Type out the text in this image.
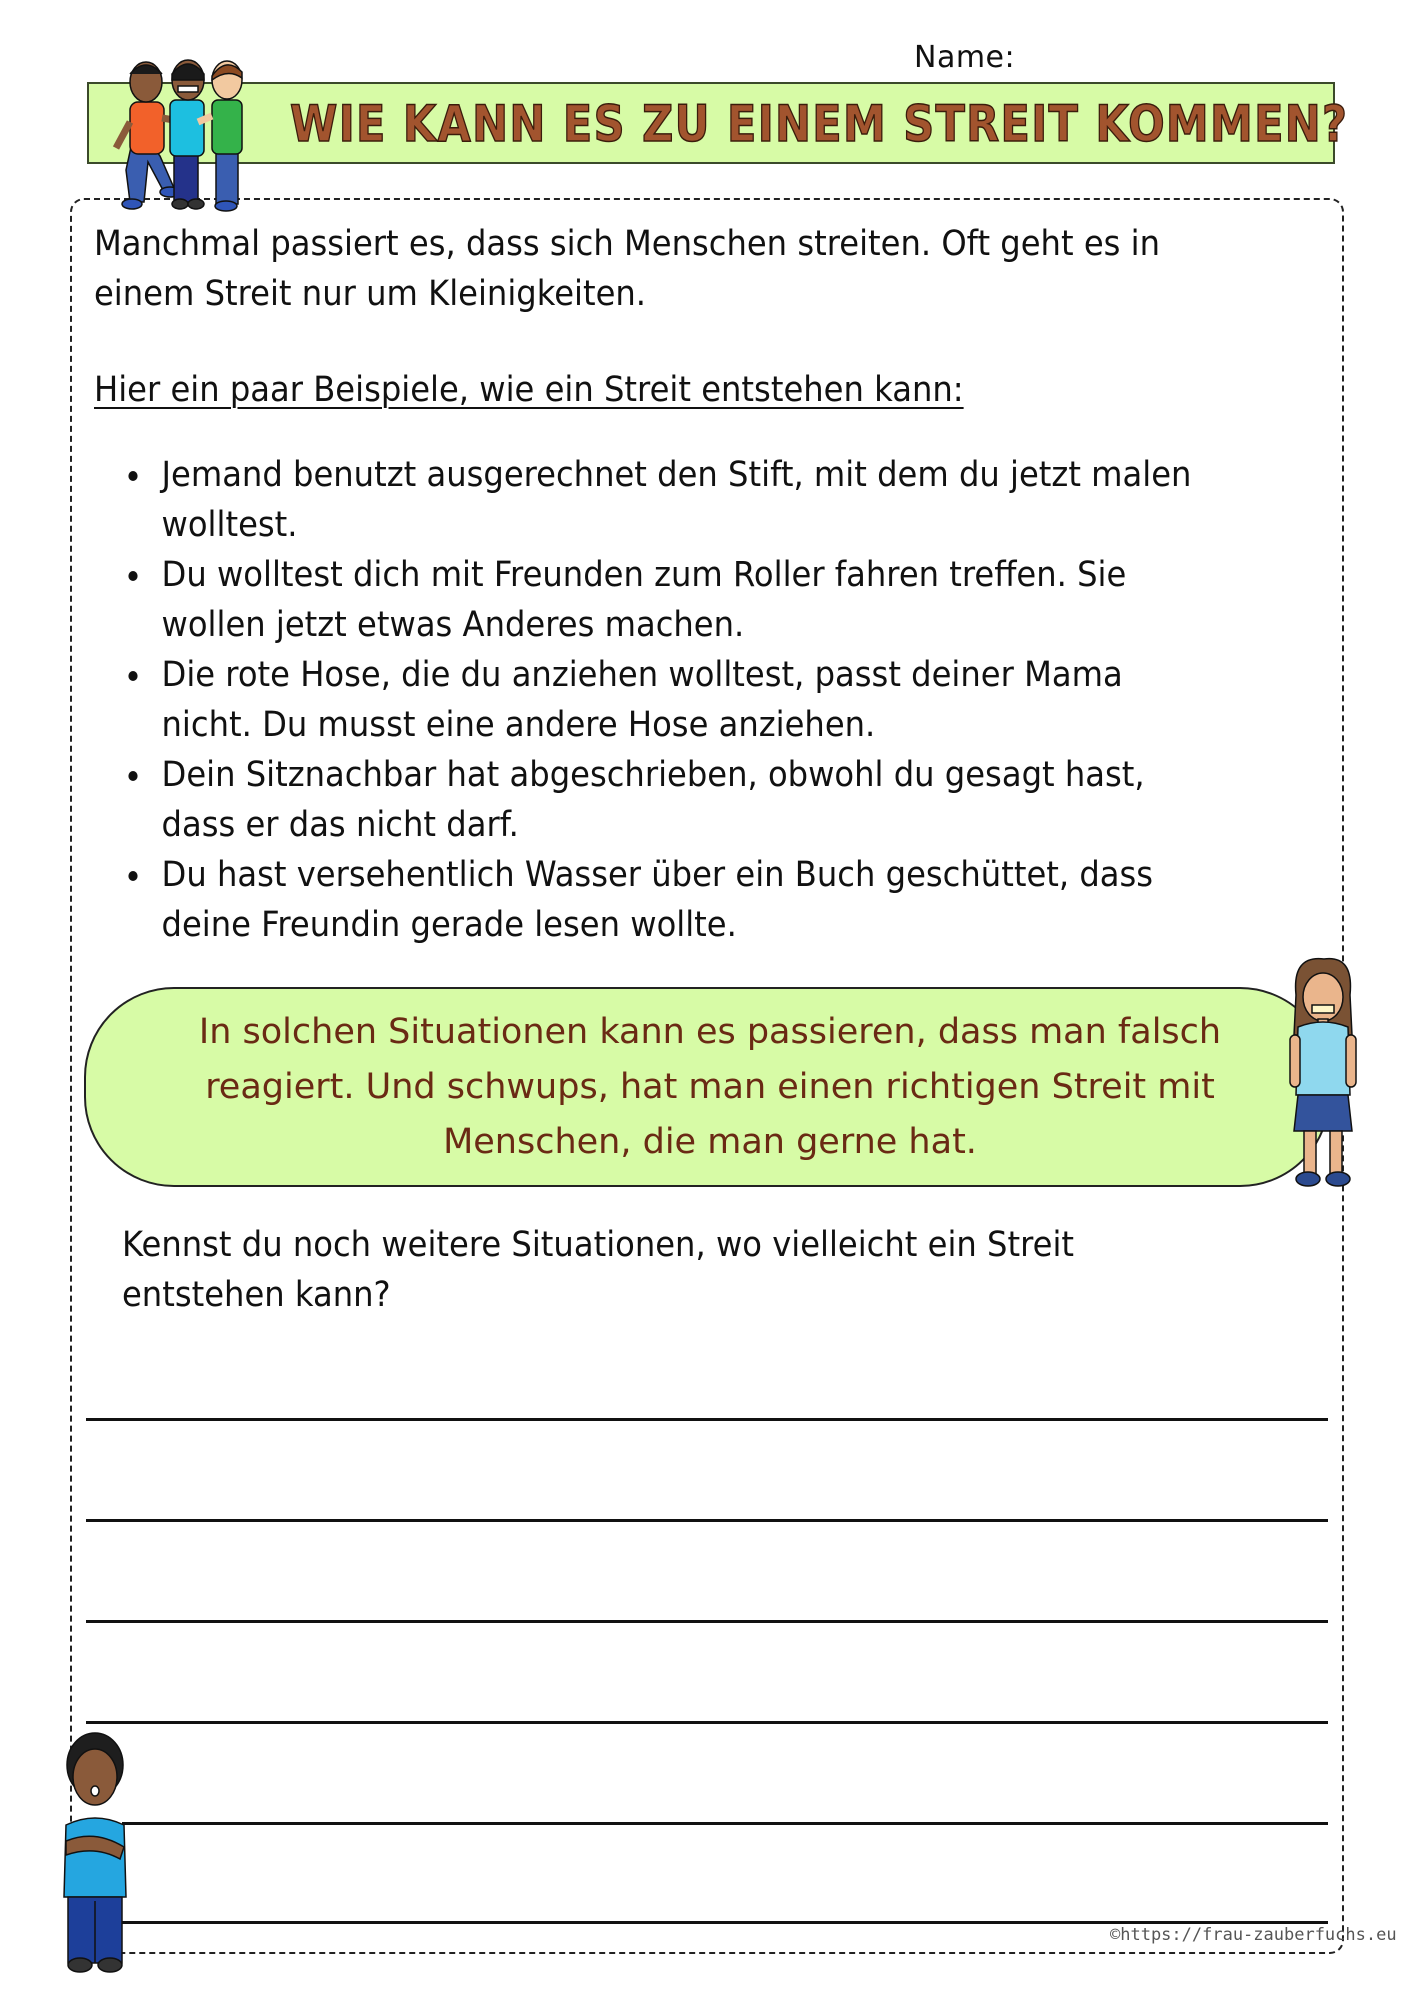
Name:
WIE KANN ES ZU EINEM STREIT KOMMEN?
Manchmal passiert es, dass sich Menschen streiten. Oft geht es in
einem Streit nur um Kleinigkeiten.
Hier ein paar Beispiele, wie ein Streit entstehen kann:
Jemand benutzt ausgerechnet den Stift, mit dem du jetzt malen
wolltest.
Du wolltest dich mit Freunden zum Roller fahren treffen. Sie
wollen jetzt etwas Anderes machen.
Die rote Hose, die du anziehen wolltest, passt deiner Mama
nicht. Du musst eine andere Hose anziehen.
Dein Sitznachbar hat abgeschrieben, obwohl du gesagt hast,
dass er das nicht darf.
Du hast versehentlich Wasser über ein Buch geschüttet, dass
deine Freundin gerade lesen wollte.
In solchen Situationen kann es passieren, dass man falsch
reagiert. Und schwups, hat man einen richtigen Streit mit
Menschen, die man gerne hat.
Kennst du noch weitere Situationen, wo vielleicht ein Streit
entstehen kann?
©https://frau-zauberfuchs.eu
